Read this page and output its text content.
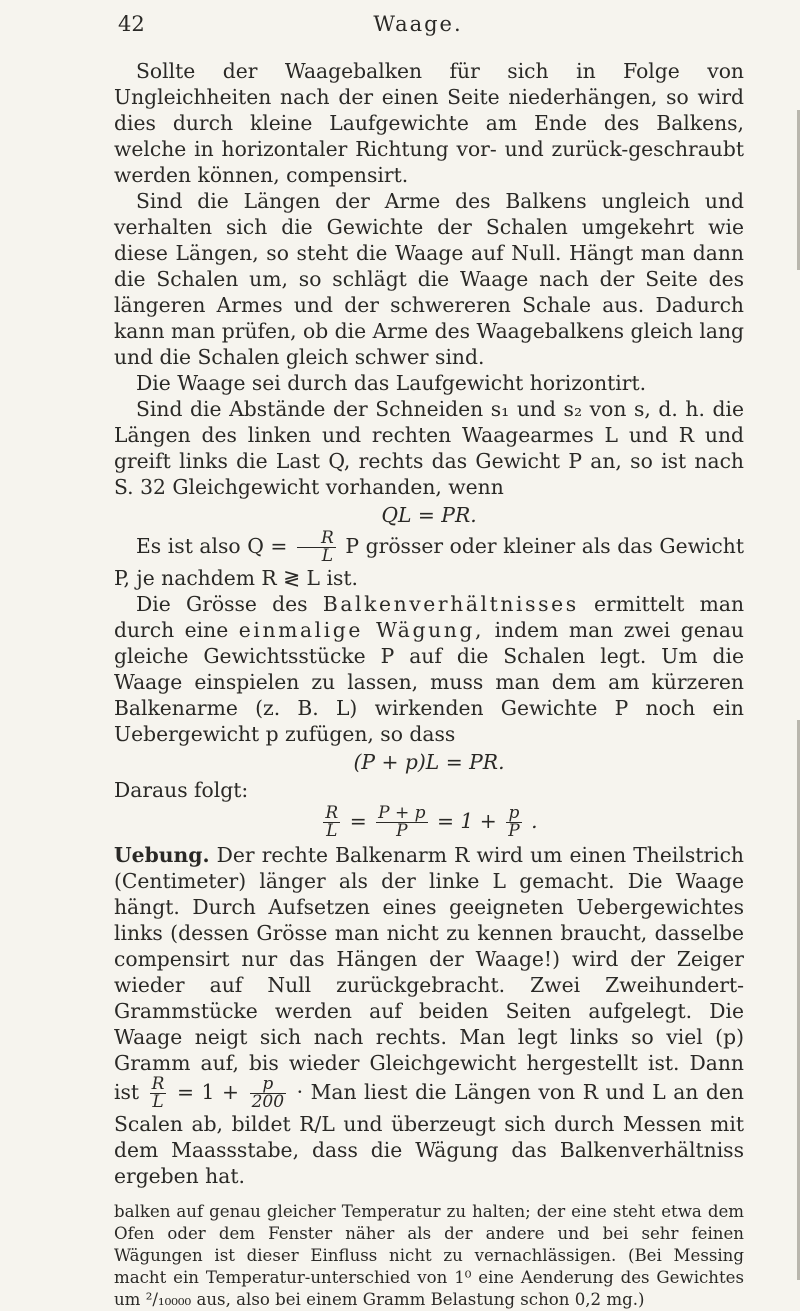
42	Waage.

Sollte der Waagebalken für sich in Folge von Ungleichheiten nach der einen Seite niederhängen, so wird dies durch kleine Laufgewichte am Ende des Balkens, welche in horizontaler Richtung vor- und zurück-geschraubt werden können, compensirt.

Sind die Längen der Arme des Balkens ungleich und verhalten sich die Gewichte der Schalen umgekehrt wie diese Längen, so steht die Waage auf Null. Hängt man dann die Schalen um, so schlägt die Waage nach der Seite des längeren Armes und der schwereren Schale aus. Dadurch kann man prüfen, ob die Arme des Waagebalkens gleich lang und die Schalen gleich schwer sind.

Die Waage sei durch das Laufgewicht horizontirt.

Sind die Abstände der Schneiden s₁ und s₂ von s, d. h. die Längen des linken und rechten Waagearmes L und R und greift links die Last Q, rechts das Gewicht P an, so ist nach S. 32 Gleichgewicht vorhanden, wenn

QL = PR.

Es ist also $Q = \frac{R}{L}$ P grösser oder kleiner als das Gewicht P, je nachdem R ≷ L ist.

Die Grösse des Balkenverhältnisses ermittelt man durch eine einmalige Wägung, indem man zwei genau gleiche Gewichtsstücke P auf die Schalen legt. Um die Waage einspielen zu lassen, muss man dem am kürzeren Balkenarme (z. B. L) wirkenden Gewichte P noch ein Uebergewicht p zufügen, so dass

(P + p)L = PR.

Daraus folgt:

$\frac{R}{L} = \frac{P + p}{P} = 1 + \frac{p}{P}$ .

Uebung. Der rechte Balkenarm R wird um einen Theilstrich (Centimeter) länger als der linke L gemacht. Die Waage hängt. Durch Aufsetzen eines geeigneten Uebergewichtes links (dessen Grösse man nicht zu kennen braucht, dasselbe compensirt nur das Hängen der Waage!) wird der Zeiger wieder auf Null zurückgebracht. Zwei Zweihundert-Grammstücke werden auf beiden Seiten aufgelegt. Die Waage neigt sich nach rechts. Man legt links so viel (p) Gramm auf, bis wieder Gleichgewicht hergestellt ist. Dann ist $\frac{R}{L} = 1 + \frac{p}{200}$ · Man liest die Längen von R und L an den Scalen ab, bildet R/L und überzeugt sich durch Messen mit dem Maassstabe, dass die Wägung das Balkenverhältniss ergeben hat.

balken auf genau gleicher Temperatur zu halten; der eine steht etwa dem Ofen oder dem Fenster näher als der andere und bei sehr feinen Wägungen ist dieser Einfluss nicht zu vernachlässigen. (Bei Messing macht ein Temperatur-unterschied von 1⁰ eine Aenderung des Gewichtes um ²/₁₀₀₀₀ aus, also bei einem Gramm Belastung schon 0,2 mg.)
